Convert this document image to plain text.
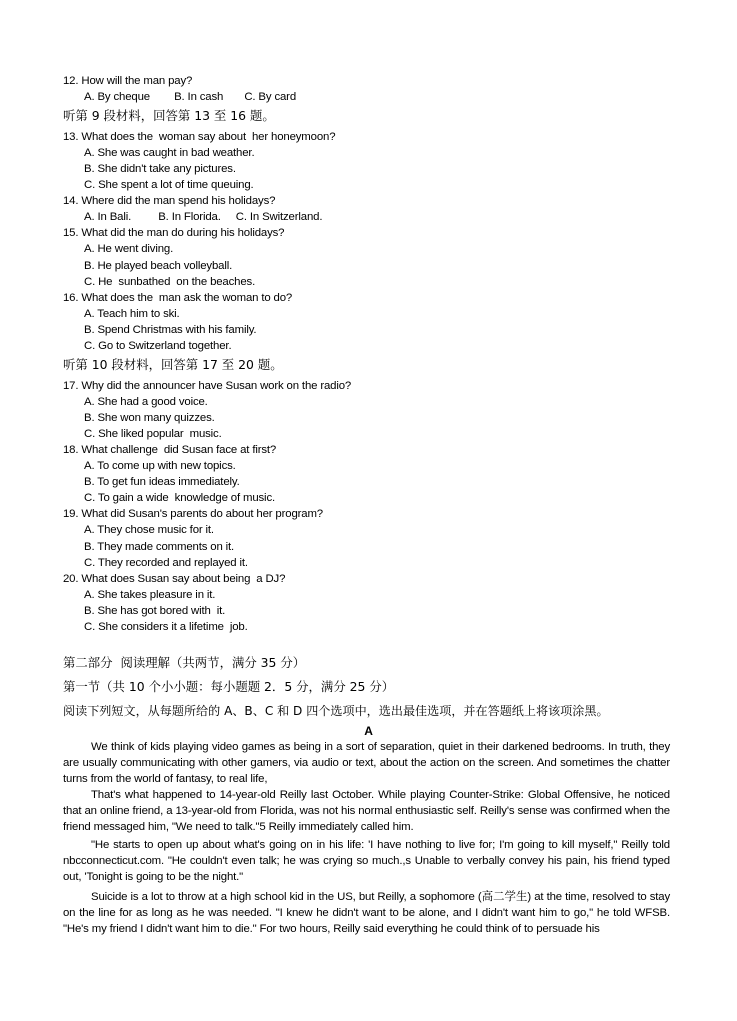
12. How will the man pay?
A. By cheque        B. In cash       C. By card
听第 9 段材料，回答第 13 至 16 题。
13. What does the  woman say about  her honeymoon?
A. She was caught in bad weather.
B. She didn't take any pictures.
C. She spent a lot of time queuing.
14. Where did the man spend his holidays?
A. In Bali.         B. In Florida.     C. In Switzerland.
15. What did the man do during his holidays?
A. He went diving.
B. He played beach volleyball.
C. He  sunbathed  on the beaches.
16. What does the  man ask the woman to do?
A. Teach him to ski.
B. Spend Christmas with his family.
C. Go to Switzerland together.
听第 10 段材料，回答第 17 至 20 题。
17. Why did the announcer have Susan work on the radio?
A. She had a good voice.
B. She won many quizzes.
C. She liked popular  music.
18. What challenge  did Susan face at first?
A. To come up with new topics.
B. To get fun ideas immediately.
C. To gain a wide  knowledge of music.
19. What did Susan's parents do about her program?
A. They chose music for it.
B. They made comments on it.
C. They recorded and replayed it.
20. What does Susan say about being  a DJ?
A. She takes pleasure in it.
B. She has got bored with  it.
C. She considers it a lifetime  job.
第二部分  阅读理解（共两节，满分 35 分）
第一节（共 10 个小小题：每小题题 2．5 分，满分 25 分）
阅读下列短文，从每题所给的 A、B、C 和 D 四个选项中，选出最佳选项，并在答题纸上将该项涂黑。
A

We think of kids playing video games as being in a sort of separation, quiet in their darkened bedrooms. In truth, they are usually communicating with other gamers, via audio or text, about the action on the screen. And sometimes the chatter turns from the world of fantasy, to real life,

That's what happened to 14-year-old Reilly last October. While playing Counter-Strike: Global Offensive, he noticed that an online friend, a 13-year-old from Florida, was not his normal enthusiastic self. Reilly's sense was confirmed when the friend messaged him, "We need to talk."5 Reilly immediately called him.

"He starts to open up about what's going on in his life: 'I have nothing to live for; I'm going to kill myself," Reilly told nbcconnecticut.com. "He couldn't even talk; he was crying so much.,s Unable to verbally convey his pain, his friend typed out, 'Tonight is going to be the night."

Suicide is a lot to throw at a high school kid in the US, but Reilly, a sophomore (高二学生) at the time, resolved to stay on the line for as long as he was needed. "I knew he didn't want to be alone, and I didn't want him to go," he told WFSB. "He's my friend I didn't want him to die." For two hours, Reilly said everything he could think of to persuade his
